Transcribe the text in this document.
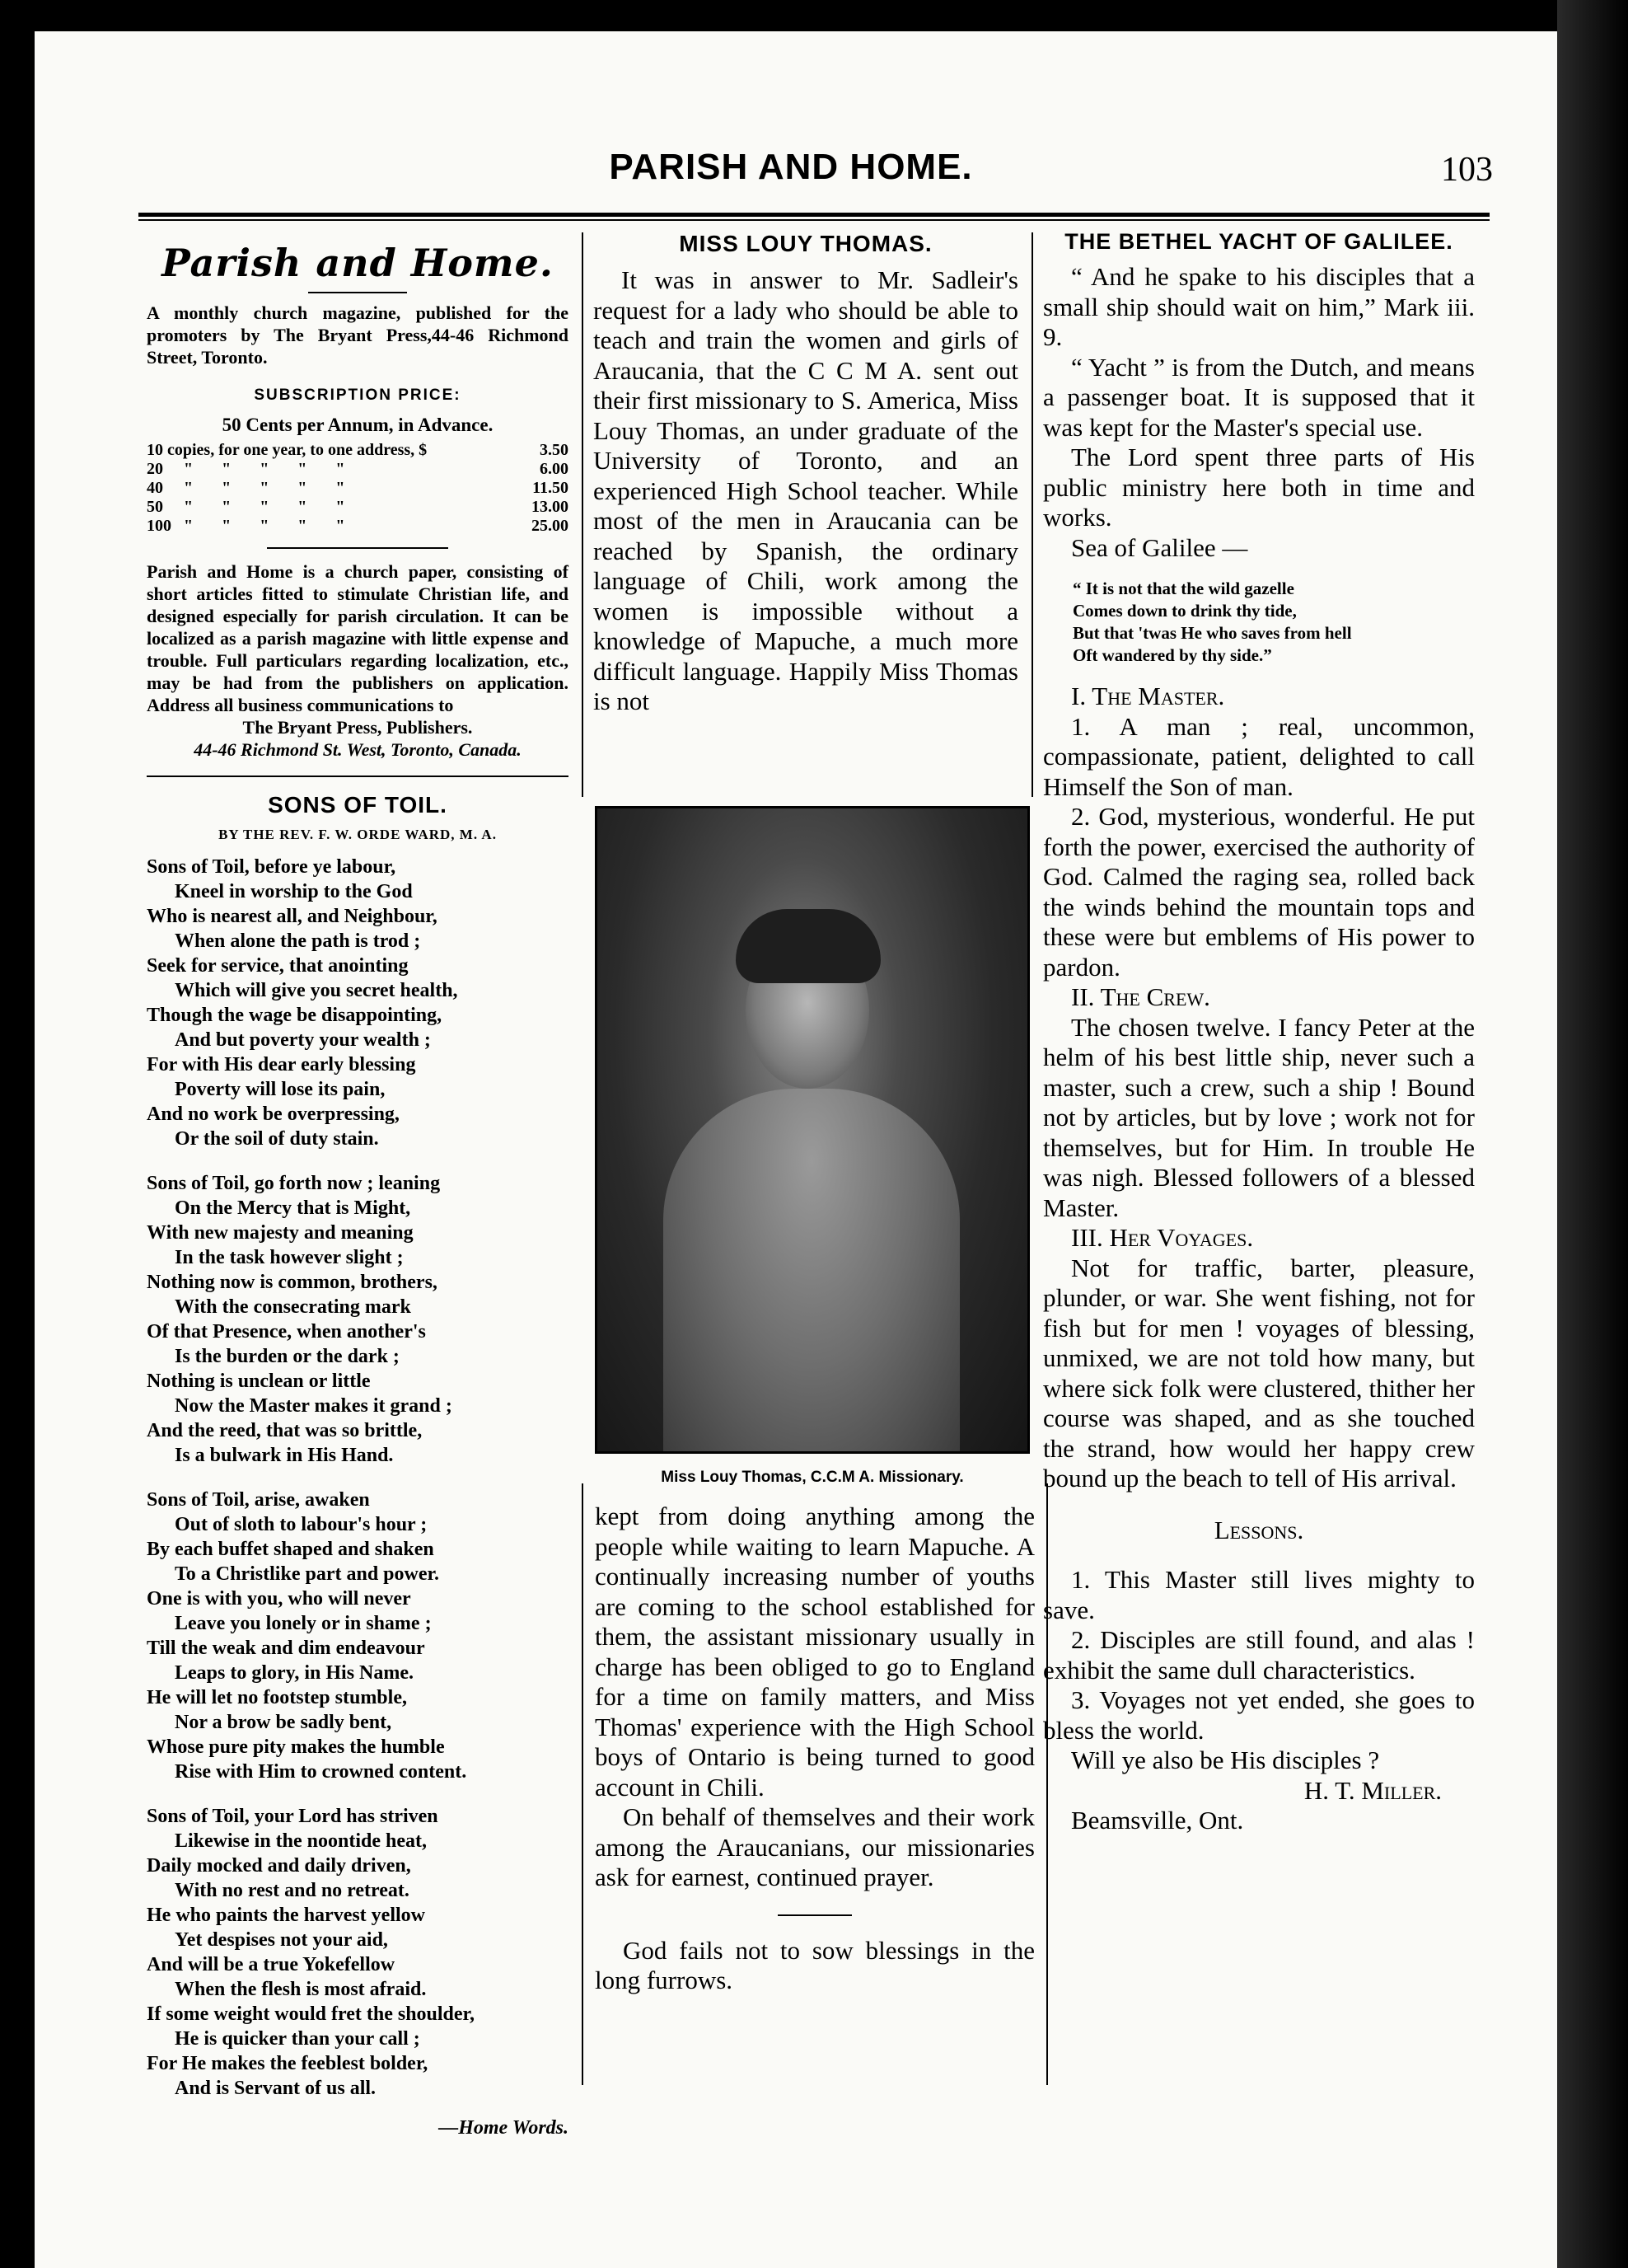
PARISH AND HOME.	103
Parish and Home.
A monthly church magazine, published for the promoters by The Bryant Press,44-46 Richmond Street, Toronto.
SUBSCRIPTION PRICE:
50 Cents per Annum, in Advance.
10 copies, for one year, to one address, $	3.50
20     "       "       "       "       "	6.00
40     "       "       "       "       "	11.50
50     "       "       "       "       "	13.00
100   "       "       "       "       "	25.00
Parish and Home is a church paper, consisting of short articles fitted to stimulate Christian life, and designed especially for parish circulation. It can be localized as a parish magazine with little expense and trouble. Full particulars regarding localization, etc., may be had from the publishers on application. Address all business communications to
The Bryant Press, Publishers.
44-46 Richmond St. West, Toronto, Canada.
SONS OF TOIL.
BY THE REV. F. W. ORDE WARD, M. A.
Sons of Toil, before ye labour,
Kneel in worship to the God
Who is nearest all, and Neighbour,
When alone the path is trod ;
Seek for service, that anointing
Which will give you secret health,
Though the wage be disappointing,
And but poverty your wealth ;
For with His dear early blessing
Poverty will lose its pain,
And no work be overpressing,
Or the soil of duty stain.
Sons of Toil, go forth now ; leaning
On the Mercy that is Might,
With new majesty and meaning
In the task however slight ;
Nothing now is common, brothers,
With the consecrating mark
Of that Presence, when another's
Is the burden or the dark ;
Nothing is unclean or little
Now the Master makes it grand ;
And the reed, that was so brittle,
Is a bulwark in His Hand.
Sons of Toil, arise, awaken
Out of sloth to labour's hour ;
By each buffet shaped and shaken
To a Christlike part and power.
One is with you, who will never
Leave you lonely or in shame ;
Till the weak and dim endeavour
Leaps to glory, in His Name.
He will let no footstep stumble,
Nor a brow be sadly bent,
Whose pure pity makes the humble
Rise with Him to crowned content.
Sons of Toil, your Lord has striven
Likewise in the noontide heat,
Daily mocked and daily driven,
With no rest and no retreat.
He who paints the harvest yellow
Yet despises not your aid,
And will be a true Yokefellow
When the flesh is most afraid.
If some weight would fret the shoulder,
He is quicker than your call ;
For He makes the feeblest bolder,
And is Servant of us all.
—Home Words.
MISS LOUY THOMAS.

It was in answer to Mr. Sadleir's request for a lady who should be able to teach and train the women and girls of Araucania, that the C C M A. sent out their first missionary to S. America, Miss Louy Thomas, an under graduate of the University of Toronto, and an experienced High School teacher. While most of the men in Araucania can be reached by Spanish, the ordinary language of Chili, work among the women is impossible without a knowledge of Mapuche, a much more difficult language. Happily Miss Thomas is not

Miss Louy Thomas, C.C.M A. Missionary.

kept from doing anything among the people while waiting to learn Mapuche. A continually increasing number of youths are coming to the school established for them, the assistant missionary usually in charge has been obliged to go to England for a time on family matters, and Miss Thomas' experience with the High School boys of Ontario is being turned to good account in Chili.

On behalf of themselves and their work among the Araucanians, our missionaries ask for earnest, continued prayer.

God fails not to sow blessings in the long furrows.

THE BETHEL YACHT OF GALILEE.

“ And he spake to his disciples that a small ship should wait on him,” Mark iii. 9.

“ Yacht ” is from the Dutch, and means a passenger boat. It is supposed that it was kept for the Master's special use.

The Lord spent three parts of His public ministry here both in time and works.

Sea of Galilee —

“ It is not that the wild gazelle
Comes down to drink thy tide,
But that 'twas He who saves from hell
Oft wandered by thy side.”

I. The Master.

1. A man ; real, uncommon, compassionate, patient, delighted to call Himself the Son of man.

2. God, mysterious, wonderful. He put forth the power, exercised the authority of God. Calmed the raging sea, rolled back the winds behind the mountain tops and these were but emblems of His power to pardon.

II. The Crew.

The chosen twelve. I fancy Peter at the helm of his best little ship, never such a master, such a crew, such a ship ! Bound not by articles, but by love ; work not for themselves, but for Him. In trouble He was nigh. Blessed followers of a blessed Master.

III. Her Voyages.

Not for traffic, barter, pleasure, plunder, or war. She went fishing, not for fish but for men ! voyages of blessing, unmixed, we are not told how many, but where sick folk were clustered, thither her course was shaped, and as she touched the strand, how would her happy crew bound up the beach to tell of His arrival.

Lessons.

1. This Master still lives mighty to save.

2. Disciples are still found, and alas ! exhibit the same dull characteristics.

3. Voyages not yet ended, she goes to bless the world.

Will ye also be His disciples ?

H. T. Miller.

Beamsville, Ont.
